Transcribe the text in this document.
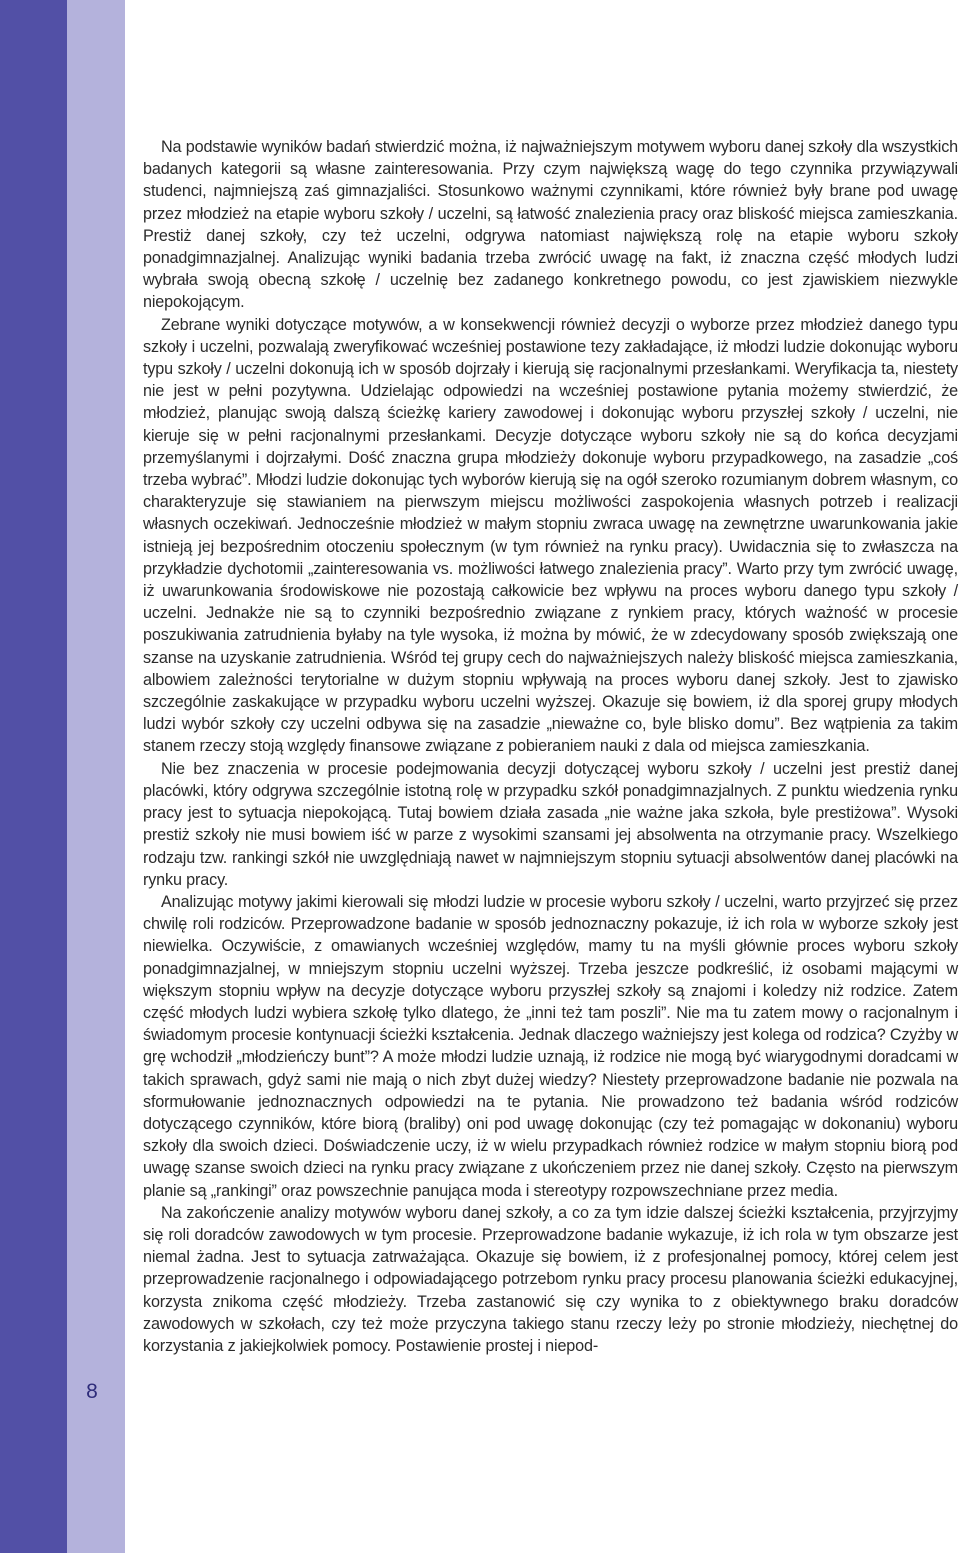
8

Na podstawie wyników badań stwierdzić można, iż najważniejszym motywem wyboru danej szkoły dla wszystkich badanych kategorii są własne zainteresowania. Przy czym największą wagę do tego czynnika przywiązywali studenci, najmniejszą zaś gimnazjaliści. Stosunkowo ważnymi czynnikami, które również były brane pod uwagę przez młodzież na etapie wyboru szkoły / uczelni, są łatwość znalezienia pracy oraz bliskość miejsca zamieszkania. Prestiż danej szkoły, czy też uczelni, odgrywa natomiast największą rolę na etapie wyboru szkoły ponadgimnazjalnej. Analizując wyniki badania trzeba zwrócić uwagę na fakt, iż znaczna część młodych ludzi wybrała swoją obecną szkołę / uczelnię bez zadanego konkretnego powodu, co jest zjawiskiem niezwykle niepokojącym.

Zebrane wyniki dotyczące motywów, a w konsekwencji również decyzji o wyborze przez młodzież danego typu szkoły i uczelni, pozwalają zweryfikować wcześniej postawione tezy zakładające, iż młodzi ludzie dokonując wyboru typu szkoły / uczelni dokonują ich w sposób dojrzały i kierują się racjonalnymi przesłankami. Weryfikacja ta, niestety nie jest w pełni pozytywna. Udzielając odpowiedzi na wcześniej postawione pytania możemy stwierdzić, że młodzież, planując swoją dalszą ścieżkę kariery zawodowej i dokonując wyboru przyszłej szkoły / uczelni, nie kieruje się w pełni racjonalnymi przesłankami. Decyzje dotyczące wyboru szkoły nie są do końca decyzjami przemyślanymi i dojrzałymi. Dość znaczna grupa młodzieży dokonuje wyboru przypadkowego, na zasadzie „coś trzeba wybrać”. Młodzi ludzie dokonując tych wyborów kierują się na ogół szeroko rozumianym dobrem własnym, co charakteryzuje się stawianiem na pierwszym miejscu możliwości zaspokojenia własnych potrzeb i realizacji własnych oczekiwań. Jednocześnie młodzież w małym stopniu zwraca uwagę na zewnętrzne uwarunkowania jakie istnieją jej bezpośrednim otoczeniu społecznym (w tym również na rynku pracy). Uwidacznia się to zwłaszcza na przykładzie dychotomii „zainteresowania vs. możliwości łatwego znalezienia pracy”. Warto przy tym zwrócić uwagę, iż uwarunkowania środowiskowe nie pozostają całkowicie bez wpływu na proces wyboru danego typu szkoły / uczelni. Jednakże nie są to czynniki bezpośrednio związane z rynkiem pracy, których ważność w procesie poszukiwania zatrudnienia byłaby na tyle wysoka, iż można by mówić, że w zdecydowany sposób zwiększają one szanse na uzyskanie zatrudnienia. Wśród tej grupy cech do najważniejszych należy bliskość miejsca zamieszkania, albowiem zależności terytorialne w dużym stopniu wpływają na proces wyboru danej szkoły. Jest to zjawisko szczególnie zaskakujące w przypadku wyboru uczelni wyższej. Okazuje się bowiem, iż dla sporej grupy młodych ludzi wybór szkoły czy uczelni odbywa się na zasadzie „nieważne co, byle blisko domu”. Bez wątpienia za takim stanem rzeczy stoją względy finansowe związane z pobieraniem nauki z dala od miejsca zamieszkania.

Nie bez znaczenia w procesie podejmowania decyzji dotyczącej wyboru szkoły / uczelni jest prestiż danej placówki, który odgrywa szczególnie istotną rolę w przypadku szkół ponadgimnazjalnych. Z punktu wiedzenia rynku pracy jest to sytuacja niepokojącą. Tutaj bowiem działa zasada „nie ważne jaka szkoła, byle prestiżowa”. Wysoki prestiż szkoły nie musi bowiem iść w parze z wysokimi szansami jej absolwenta na otrzymanie pracy. Wszelkiego rodzaju tzw. rankingi szkół nie uwzględniają nawet w najmniejszym stopniu sytuacji absolwentów danej placówki na rynku pracy.

Analizując motywy jakimi kierowali się młodzi ludzie w procesie wyboru szkoły / uczelni, warto przyjrzeć się przez chwilę roli rodziców. Przeprowadzone badanie w sposób jednoznaczny pokazuje, iż ich rola w wyborze szkoły jest niewielka. Oczywiście, z omawianych wcześniej względów, mamy tu na myśli głównie proces wyboru szkoły ponadgimnazjalnej, w mniejszym stopniu uczelni wyższej. Trzeba jeszcze podkreślić, iż osobami mającymi w większym stopniu wpływ na decyzje dotyczące wyboru przyszłej szkoły są znajomi i koledzy niż rodzice. Zatem część młodych ludzi wybiera szkołę tylko dlatego, że „inni też tam poszli”. Nie ma tu zatem mowy o racjonalnym i świadomym procesie kontynuacji ścieżki kształcenia. Jednak dlaczego ważniejszy jest kolega od rodzica? Czyżby w grę wchodził „młodzieńczy bunt”? A może młodzi ludzie uznają, iż rodzice nie mogą być wiarygodnymi doradcami w takich sprawach, gdyż sami nie mają o nich zbyt dużej wiedzy? Niestety przeprowadzone badanie nie pozwala na sformułowanie jednoznacznych odpowiedzi na te pytania. Nie prowadzono też badania wśród rodziców dotyczącego czynników, które biorą (braliby) oni pod uwagę dokonując (czy też pomagając w dokonaniu) wyboru szkoły dla swoich dzieci. Doświadczenie uczy, iż w wielu przypadkach również rodzice w małym stopniu biorą pod uwagę szanse swoich dzieci na rynku pracy związane z ukończeniem przez nie danej szkoły. Często na pierwszym planie są „rankingi” oraz powszechnie panująca moda i stereotypy rozpowszechniane przez media.

Na zakończenie analizy motywów wyboru danej szkoły, a co za tym idzie dalszej ścieżki kształcenia, przyjrzyjmy się roli doradców zawodowych w tym procesie. Przeprowadzone badanie wykazuje, iż ich rola w tym obszarze jest niemal żadna. Jest to sytuacja zatrważająca. Okazuje się bowiem, iż z profesjonalnej pomocy, której celem jest przeprowadzenie racjonalnego i odpowiadającego potrzebom rynku pracy procesu planowania ścieżki edukacyjnej, korzysta znikoma część młodzieży. Trzeba zastanowić się czy wynika to z obiektywnego braku doradców zawodowych w szkołach, czy też może przyczyna takiego stanu rzeczy leży po stronie młodzieży, niechętnej do korzystania z jakiejkolwiek pomocy. Postawienie prostej i niepod-
